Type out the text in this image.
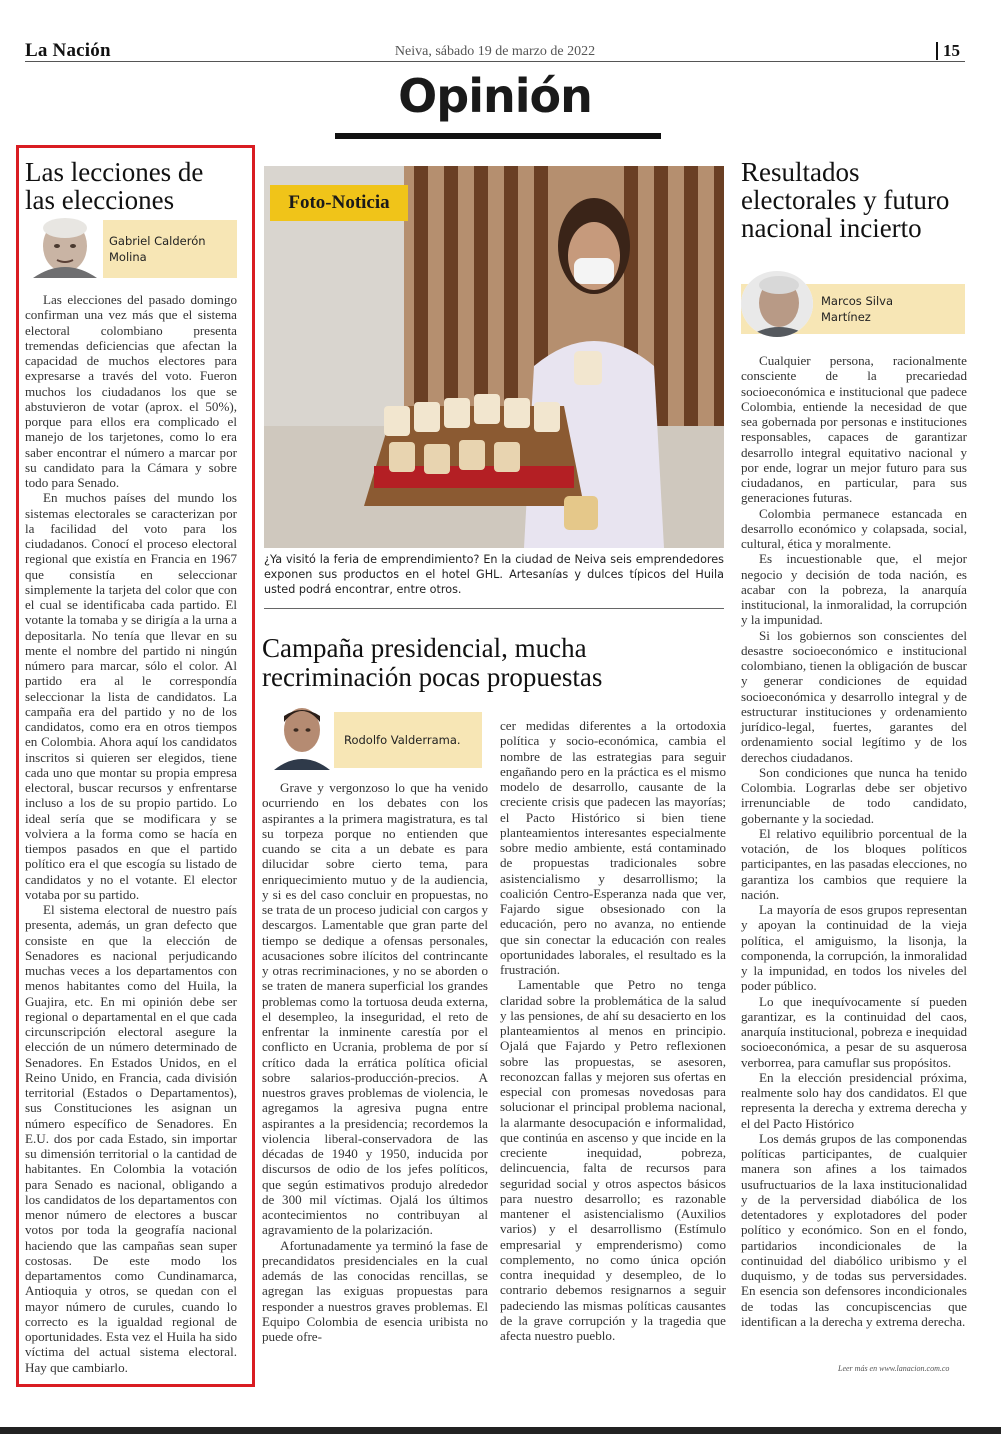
La Nación	Neiva, sábado 19 de marzo de 2022	15
Opinión
Las lecciones de las elecciones
Gabriel Calderón Molina

Las elecciones del pasado domingo confirman una vez más que el sistema electoral colombiano presenta tremendas deficiencias que afectan la capacidad de muchos electores para expresarse a través del voto. Fueron muchos los ciudadanos los que se abstuvieron de votar (aprox. el 50%), porque para ellos era complicado el manejo de los tarjetones, como lo era saber encontrar el número a marcar por su candidato para la Cámara y sobre todo para Senado.

En muchos países del mundo los sistemas electorales se caracterizan por la facilidad del voto para los ciudadanos. Conocí el proceso electoral regional que existía en Francia en 1967 que consistía en seleccionar simplemente la tarjeta del color que con el cual se identificaba cada partido. El votante la tomaba y se dirigía a la urna a depositarla. No tenía que llevar en su mente el nombre del partido ni ningún número para marcar, sólo el color. Al partido era al le correspondía seleccionar la lista de candidatos. La campaña era del partido y no de los candidatos, como era en otros tiempos en Colombia. Ahora aquí los candidatos inscritos si quieren ser elegidos, tiene cada uno que montar su propia empresa electoral, buscar recursos y enfrentarse incluso a los de su propio partido. Lo ideal sería que se modificara y se volviera a la forma como se hacía en tiempos pasados en que el partido político era el que escogía su listado de candidatos y no el votante. El elector votaba por su partido.

El sistema electoral de nuestro país presenta, además, un gran defecto que consiste en que la elección de Senadores es nacional perjudicando muchas veces a los departamentos con menos habitantes como del Huila, la Guajira, etc. En mi opinión debe ser regional o departamental en el que cada circunscripción electoral asegure la elección de un número determinado de Senadores. En Estados Unidos, en el Reino Unido, en Francia, cada división territorial (Estados o Departamentos), sus Constituciones les asignan un número específico de Senadores. En E.U. dos por cada Estado, sin importar su dimensión territorial o la cantidad de habitantes. En Colombia la votación para Senado es nacional, obligando a los candidatos de los departamentos con menor número de electores a buscar votos por toda la geografía nacional haciendo que las campañas sean super costosas. De este modo los departamentos como Cundinamarca, Antioquia y otros, se quedan con el mayor número de curules, cuando lo correcto es la igualdad regional de oportunidades. Esta vez el Huila ha sido víctima del actual sistema electoral. Hay que cambiarlo.

Foto-Noticia
¿Ya visitó la feria de emprendimiento? En la ciudad de Neiva seis emprendedores exponen sus productos en el hotel GHL. Artesanías y dulces típicos del Huila usted podrá encontrar, entre otros.
Campaña presidencial, mucha recriminación pocas propuestas
Rodolfo Valderrama.

Grave y vergonzoso lo que ha venido ocurriendo en los debates con los aspirantes a la primera magistratura, es tal su torpeza porque no entienden que cuando se cita a un debate es para dilucidar sobre cierto tema, para enriquecimiento mutuo y de la audiencia, y si es del caso concluir en propuestas, no se trata de un proceso judicial con cargos y descargos. Lamentable que gran parte del tiempo se dedique a ofensas personales, acusaciones sobre ilícitos del contrincante y otras recriminaciones, y no se aborden o se traten de manera superficial los grandes problemas como la tortuosa deuda externa, el desempleo, la inseguridad, el reto de enfrentar la inminente carestía por el conflicto en Ucrania, problema de por sí crítico dada la errática política oficial sobre salarios-producción-precios. A nuestros graves problemas de violencia, le agregamos la agresiva pugna entre aspirantes a la presidencia; recordemos la violencia liberal-conservadora de las décadas de 1940 y 1950, inducida por discursos de odio de los jefes políticos, que según estimativos produjo alrededor de 300 mil víctimas. Ojalá los últimos acontecimientos no contribuyan al agravamiento de la polarización.

Afortunadamente ya terminó la fase de precandidatos presidenciales en la cual además de las conocidas rencillas, se agregan las exiguas propuestas para responder a nuestros graves problemas. El Equipo Colombia de esencia uribista no puede ofre-

cer medidas diferentes a la ortodoxia política y socio-económica, cambia el nombre de las estrategias para seguir engañando pero en la práctica es el mismo modelo de desarrollo, causante de la creciente crisis que padecen las mayorías; el Pacto Histórico si bien tiene planteamientos interesantes especialmente sobre medio ambiente, está contaminado de propuestas tradicionales sobre asistencialismo y desarrollismo; la coalición Centro-Esperanza nada que ver, Fajardo sigue obsesionado con la educación, pero no avanza, no entiende que sin conectar la educación con reales oportunidades laborales, el resultado es la frustración.

Lamentable que Petro no tenga claridad sobre la problemática de la salud y las pensiones, de ahí su desacierto en los planteamientos al menos en principio. Ojalá que Fajardo y Petro reflexionen sobre las propuestas, se asesoren, reconozcan fallas y mejoren sus ofertas en especial con promesas novedosas para solucionar el principal problema nacional, la alarmante desocupación e informalidad, que continúa en ascenso y que incide en la creciente inequidad, pobreza, delincuencia, falta de recursos para seguridad social y otros aspectos básicos para nuestro desarrollo; es razonable mantener el asistencialismo (Auxilios varios) y el desarrollismo (Estímulo empresarial y emprenderismo) como complemento, no como única opción contra inequidad y desempleo, de lo contrario debemos resignarnos a seguir padeciendo las mismas políticas causantes de la grave corrupción y la tragedia que afecta nuestro pueblo.

Resultados electorales y futuro nacional incierto
Marcos Silva Martínez

Cualquier persona, racionalmente consciente de la precariedad socioeconómica e institucional que padece Colombia, entiende la necesidad de que sea gobernada por personas e instituciones responsables, capaces de garantizar desarrollo integral equitativo nacional y por ende, lograr un mejor futuro para sus ciudadanos, en particular, para sus generaciones futuras.

Colombia permanece estancada en desarrollo económico y colapsada, social, cultural, ética y moralmente.

Es incuestionable que, el mejor negocio y decisión de toda nación, es acabar con la pobreza, la anarquía institucional, la inmoralidad, la corrupción y la impunidad.

Si los gobiernos son conscientes del desastre socioeconómico e institucional colombiano, tienen la obligación de buscar y generar condiciones de equidad socioeconómica y desarrollo integral y de estructurar instituciones y ordenamiento jurídico-legal, fuertes, garantes del ordenamiento social legítimo y de los derechos ciudadanos.

Son condiciones que nunca ha tenido Colombia. Lograrlas debe ser objetivo irrenunciable de todo candidato, gobernante y la sociedad.

El relativo equilibrio porcentual de la votación, de los bloques políticos participantes, en las pasadas elecciones, no garantiza los cambios que requiere la nación.

La mayoría de esos grupos representan y apoyan la continuidad de la vieja política, el amiguismo, la lisonja, la componenda, la corrupción, la inmoralidad y la impunidad, en todos los niveles del poder público.

Lo que inequívocamente sí pueden garantizar, es la continuidad del caos, anarquía institucional, pobreza e inequidad socioeconómica, a pesar de su asquerosa verborrea, para camuflar sus propósitos.

En la elección presidencial próxima, realmente solo hay dos candidatos. El que representa la derecha y extrema derecha y el del Pacto Histórico

Los demás grupos de las componendas políticas participantes, de cualquier manera son afines a los taimados usufructuarios de la laxa institucionalidad y de la perversidad diabólica de los detentadores y explotadores del poder político y económico. Son en el fondo, partidarios incondicionales de la continuidad del diabólico uribismo y el duquismo, y de todas sus perversidades. En esencia son defensores incondicionales de todas las concupiscencias que identifican a la derecha y extrema derecha.

Leer más en www.lanacion.com.co
